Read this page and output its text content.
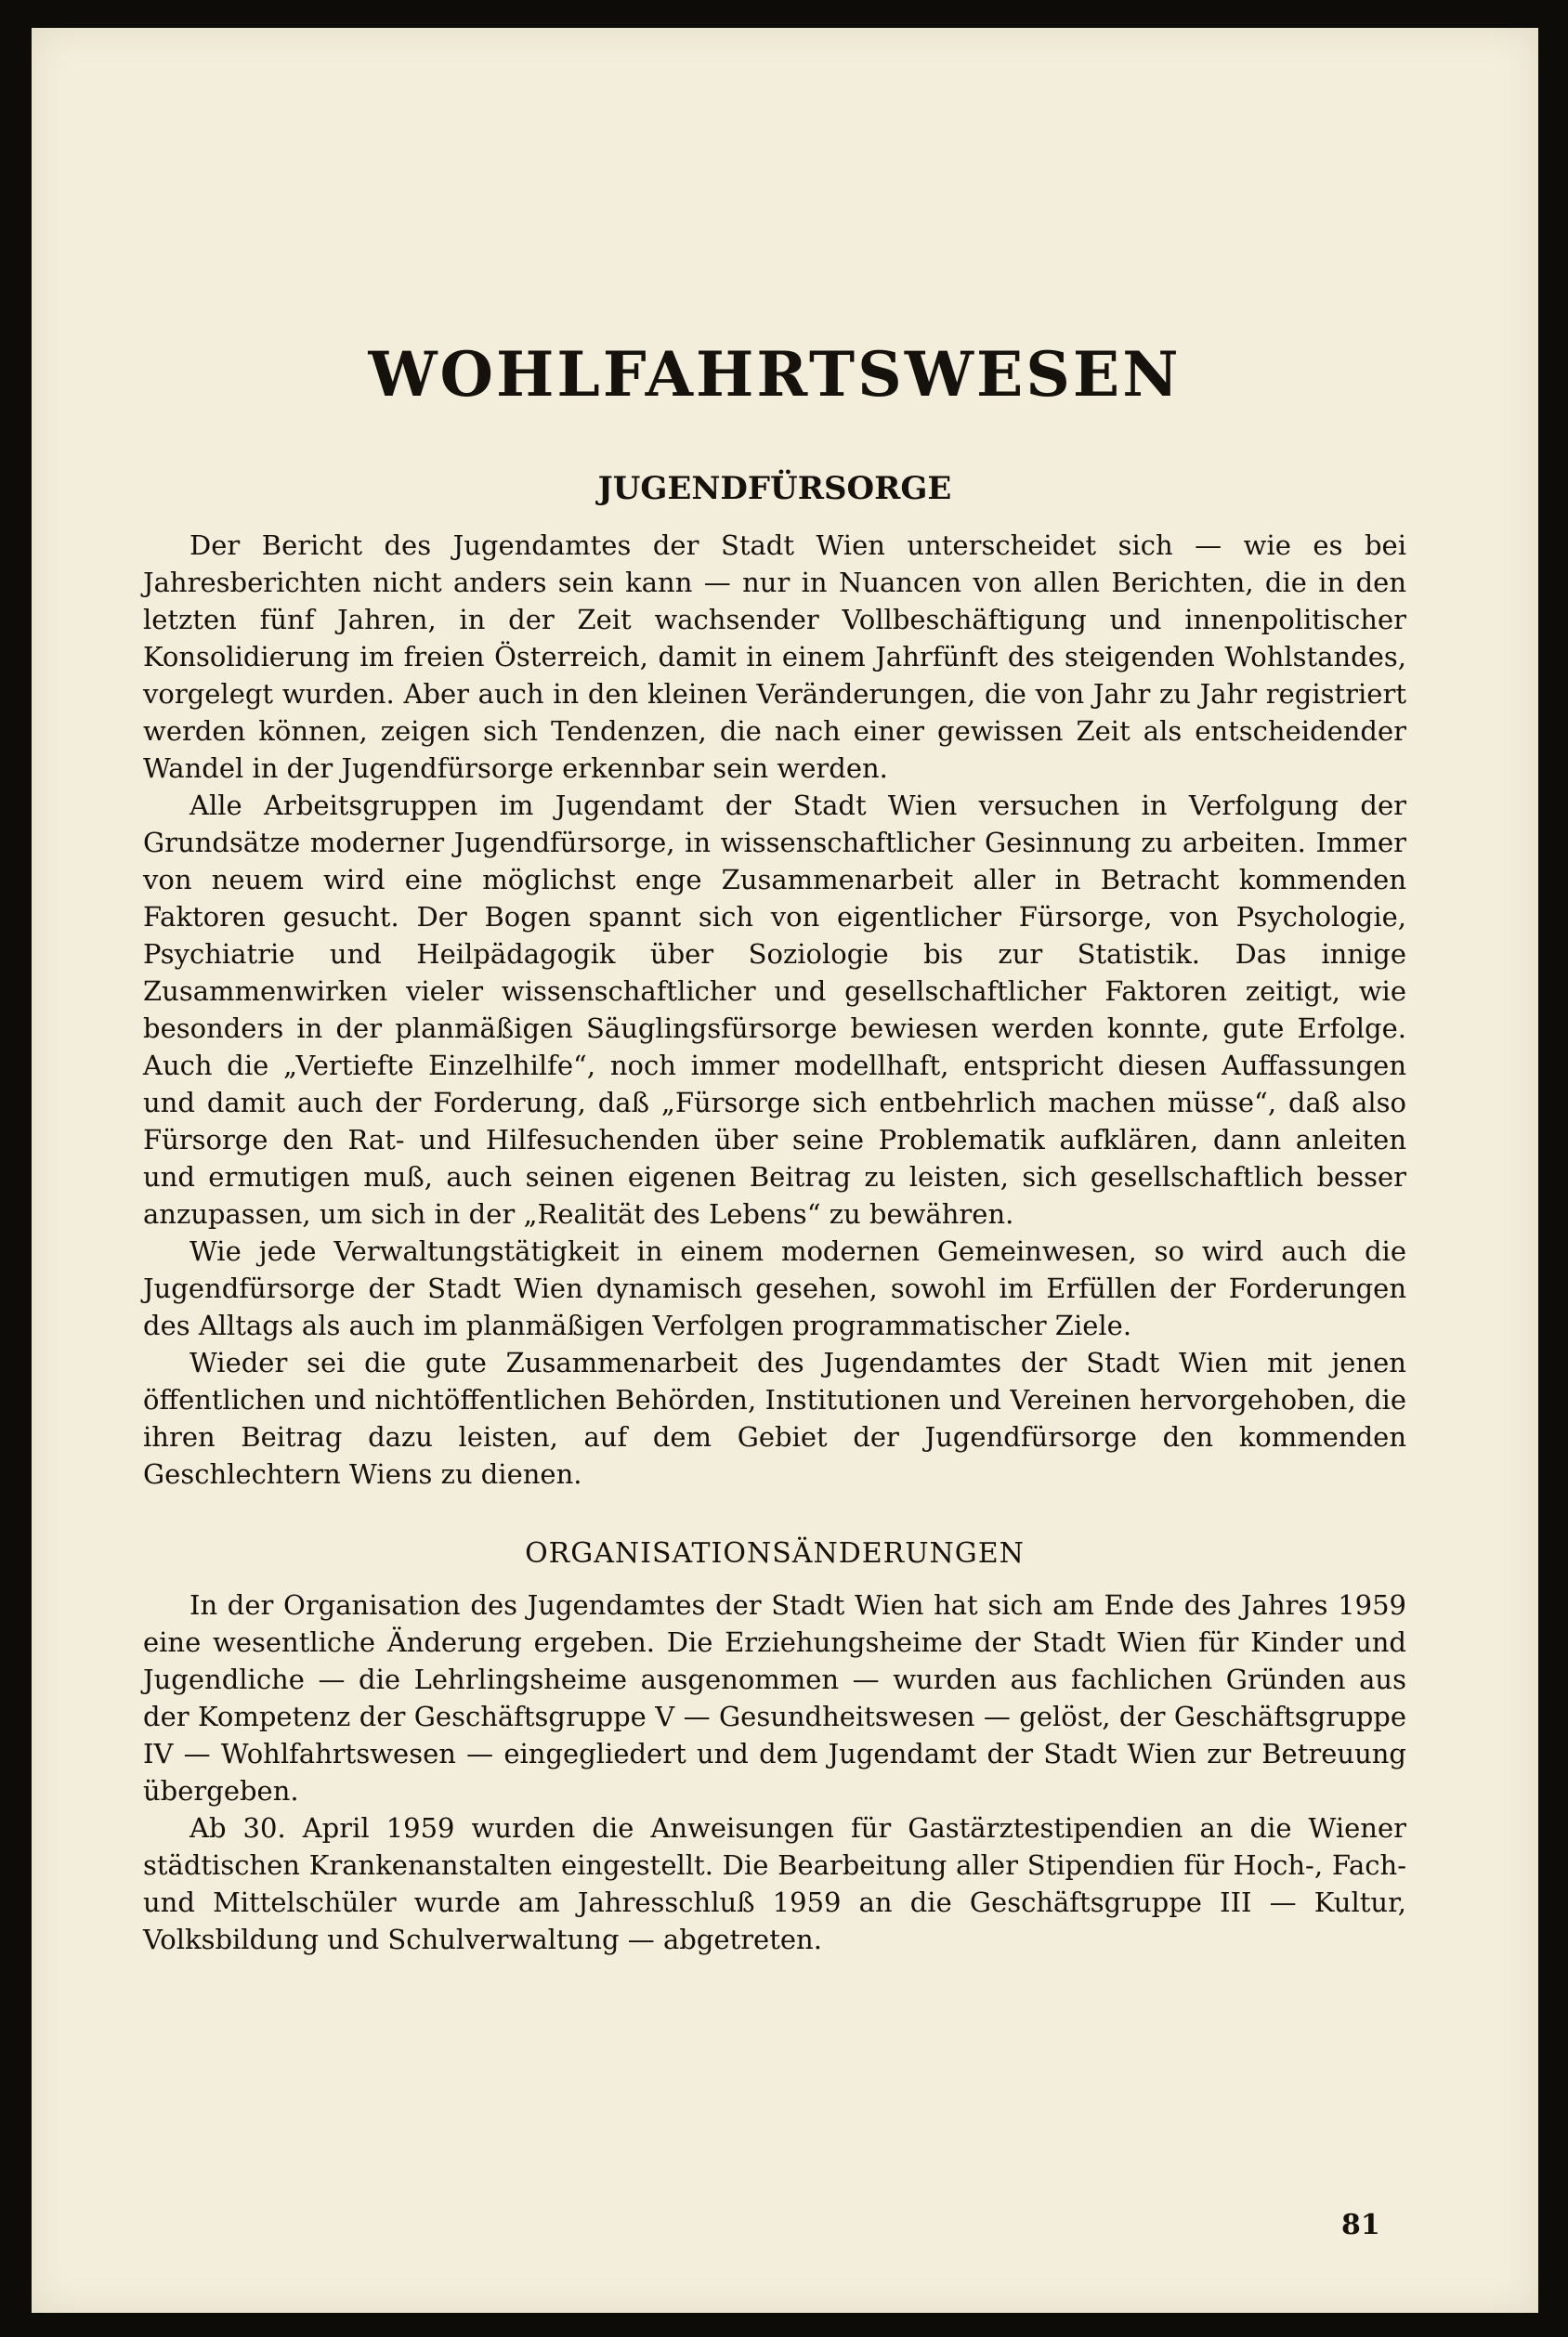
WOHLFAHRTSWESEN
JUGENDFÜRSORGE

Der Bericht des Jugendamtes der Stadt Wien unterscheidet sich — wie es bei Jahresberichten nicht anders sein kann — nur in Nuancen von allen Berichten, die in den letzten fünf Jahren, in der Zeit wachsender Vollbeschäftigung und innenpolitischer Konsolidierung im freien Österreich, damit in einem Jahrfünft des steigenden Wohlstandes, vorgelegt wurden. Aber auch in den kleinen Veränderungen, die von Jahr zu Jahr registriert werden können, zeigen sich Tendenzen, die nach einer gewissen Zeit als entscheidender Wandel in der Jugendfürsorge erkennbar sein werden.

Alle Arbeitsgruppen im Jugendamt der Stadt Wien versuchen in Verfolgung der Grundsätze moderner Jugendfürsorge, in wissenschaftlicher Gesinnung zu arbeiten. Immer von neuem wird eine möglichst enge Zusammenarbeit aller in Betracht kommenden Faktoren gesucht. Der Bogen spannt sich von eigentlicher Fürsorge, von Psychologie, Psychiatrie und Heilpädagogik über Soziologie bis zur Statistik. Das innige Zusammenwirken vieler wissenschaftlicher und gesellschaftlicher Faktoren zeitigt, wie besonders in der planmäßigen Säuglingsfürsorge bewiesen werden konnte, gute Erfolge. Auch die „Vertiefte Einzelhilfe“, noch immer modellhaft, entspricht diesen Auffassungen und damit auch der Forderung, daß „Fürsorge sich entbehrlich machen müsse“, daß also Fürsorge den Rat- und Hilfesuchenden über seine Problematik aufklären, dann anleiten und ermutigen muß, auch seinen eigenen Beitrag zu leisten, sich gesellschaftlich besser anzupassen, um sich in der „Realität des Lebens“ zu bewähren.

Wie jede Verwaltungstätigkeit in einem modernen Gemeinwesen, so wird auch die Jugendfürsorge der Stadt Wien dynamisch gesehen, sowohl im Erfüllen der Forderungen des Alltags als auch im planmäßigen Verfolgen programmatischer Ziele.

Wieder sei die gute Zusammenarbeit des Jugendamtes der Stadt Wien mit jenen öffentlichen und nichtöffentlichen Behörden, Institutionen und Vereinen hervorgehoben, die ihren Beitrag dazu leisten, auf dem Gebiet der Jugendfürsorge den kommenden Geschlechtern Wiens zu dienen.

ORGANISATIONSÄNDERUNGEN

In der Organisation des Jugendamtes der Stadt Wien hat sich am Ende des Jahres 1959 eine wesentliche Änderung ergeben. Die Erziehungsheime der Stadt Wien für Kinder und Jugendliche — die Lehrlingsheime ausgenommen — wurden aus fachlichen Gründen aus der Kompetenz der Geschäftsgruppe V — Gesundheitswesen — gelöst, der Geschäftsgruppe IV — Wohlfahrtswesen — eingegliedert und dem Jugendamt der Stadt Wien zur Betreuung übergeben.

Ab 30. April 1959 wurden die Anweisungen für Gastärztestipendien an die Wiener städtischen Krankenanstalten eingestellt. Die Bearbeitung aller Stipendien für Hoch-, Fach- und Mittelschüler wurde am Jahresschluß 1959 an die Geschäftsgruppe III — Kultur, Volksbildung und Schulverwaltung — abgetreten.

81
